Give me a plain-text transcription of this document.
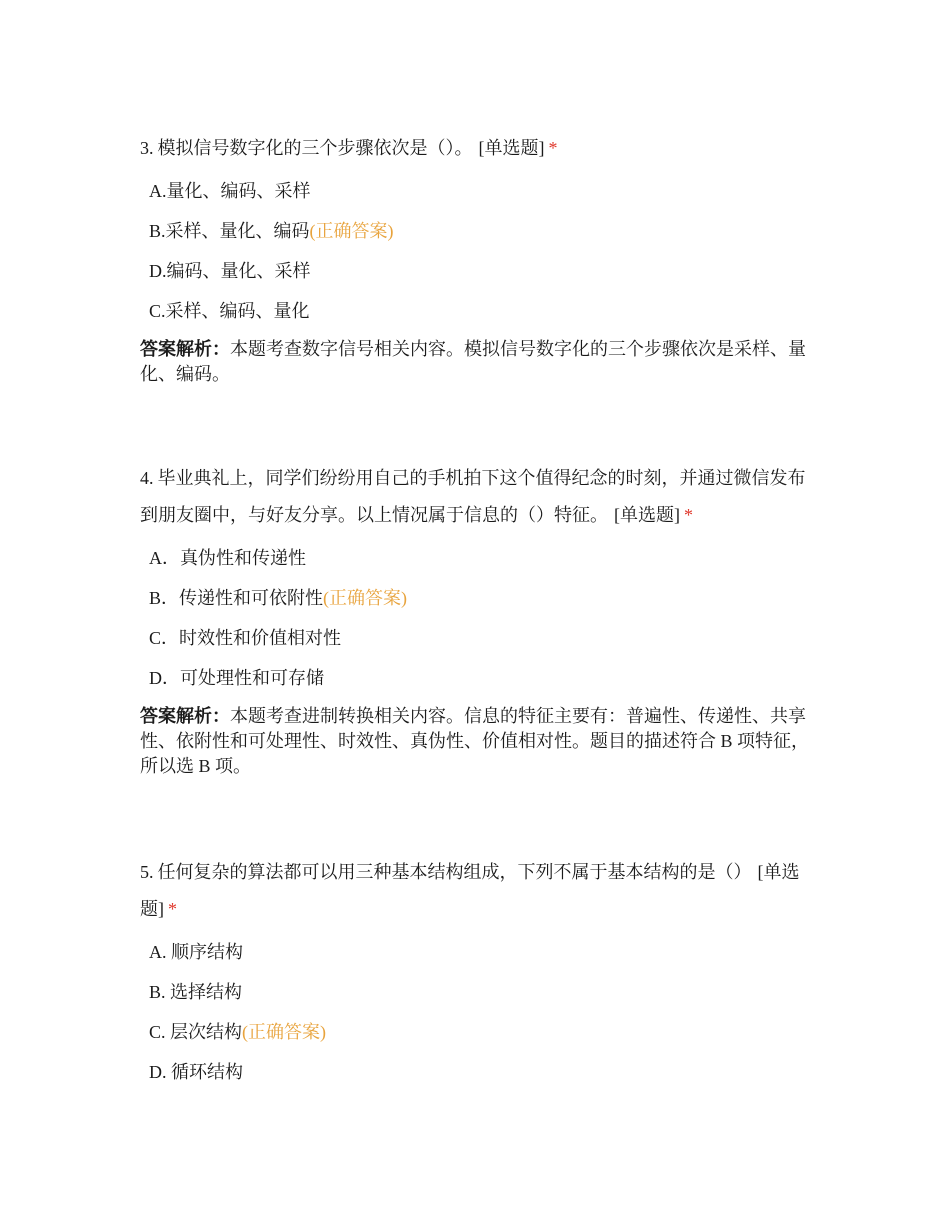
3. 模拟信号数字化的三个步骤依次是（）。 [单选题] *

A.量化、编码、采样
B.采样、量化、编码(正确答案)
D.编码、量化、采样
C.采样、编码、量化

答案解析：本题考查数字信号相关内容。模拟信号数字化的三个步骤依次是采样、量化、编码。

4. 毕业典礼上，同学们纷纷用自己的手机拍下这个值得纪念的时刻，并通过微信发布到朋友圈中，与好友分享。以上情况属于信息的（）特征。 [单选题] *

A．真伪性和传递性
B．传递性和可依附性(正确答案)
C．时效性和价值相对性
D．可处理性和可存储

答案解析：本题考查进制转换相关内容。信息的特征主要有：普遍性、传递性、共享性、依附性和可处理性、时效性、真伪性、价值相对性。题目的描述符合 B 项特征，所以选 B 项。

5. 任何复杂的算法都可以用三种基本结构组成，下列不属于基本结构的是（） [单选题] *

A. 顺序结构
B. 选择结构
C. 层次结构(正确答案)
D. 循环结构
